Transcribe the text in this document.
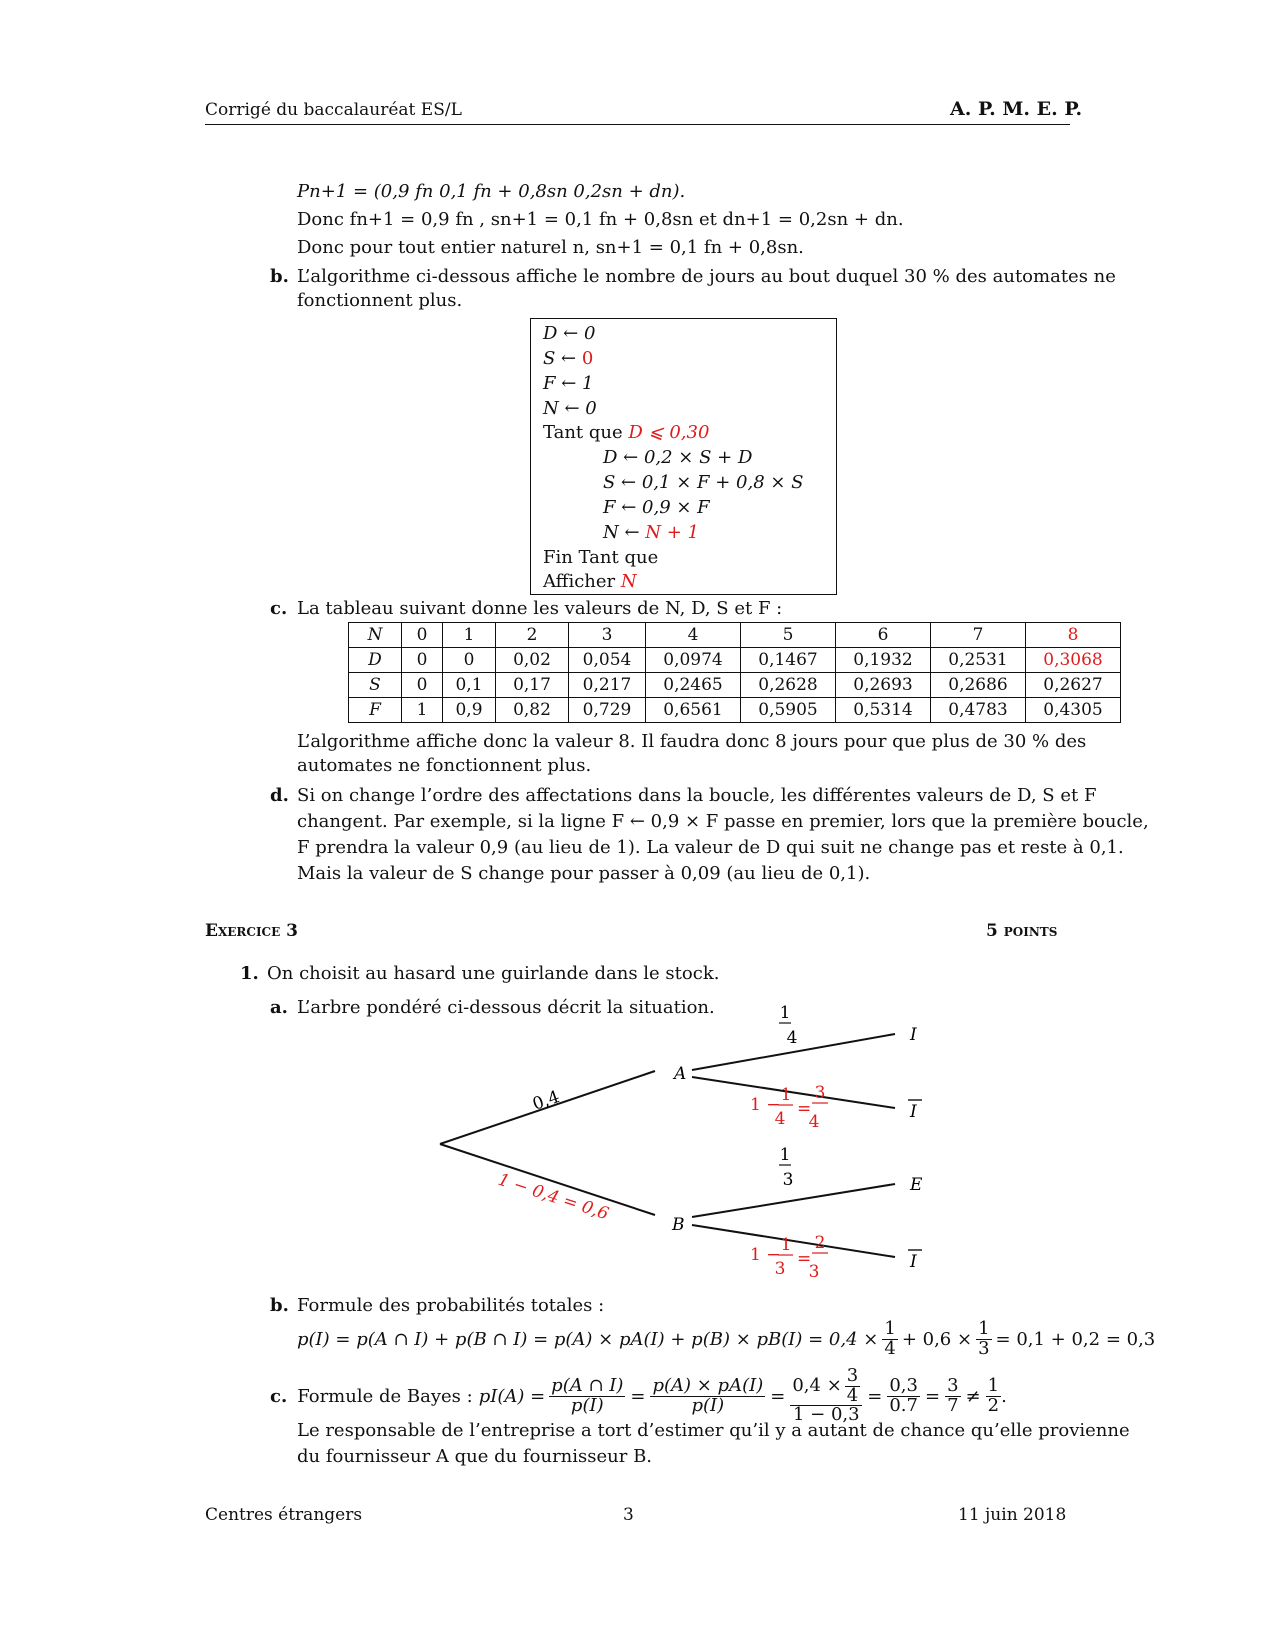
Corrigé du baccalauréat ES/L	A. P. M. E. P.
Pn+1 = (0,9 fn 0,1 fn + 0,8sn 0,2sn + dn).
Donc fn+1 = 0,9 fn , sn+1 = 0,1 fn + 0,8sn et dn+1 = 0,2sn + dn.
Donc pour tout entier naturel n, sn+1 = 0,1 fn + 0,8sn.
b. L’algorithme ci-dessous affiche le nombre de jours au bout duquel 30 % des automates ne
fonctionnent plus.
D ← 0
S ← 0
F ← 1
N ← 0
Tant que D ⩽ 0,30
D ← 0,2 × S + D
S ← 0,1 × F + 0,8 × S
F ← 0,9 × F
N ← N + 1
Fin Tant que
Afficher N
c. La tableau suivant donne les valeurs de N, D, S et F :
N	0	1	2	3	4	5	6	7	8
D	0	0	0,02	0,054	0,0974	0,1467	0,1932	0,2531	0,3068
S	0	0,1	0,17	0,217	0,2465	0,2628	0,2693	0,2686	0,2627
F	1	0,9	0,82	0,729	0,6561	0,5905	0,5314	0,4783	0,4305
L’algorithme affiche donc la valeur 8. Il faudra donc 8 jours pour que plus de 30 % des
automates ne fonctionnent plus.
d. Si on change l’ordre des affectations dans la boucle, les différentes valeurs de D, S et F
changent. Par exemple, si la ligne F ← 0,9 × F passe en premier, lors que la première boucle,
F prendra la valeur 0,9 (au lieu de 1). La valeur de D qui suit ne change pas et reste à 0,1.
Mais la valeur de S change pour passer à 0,09 (au lieu de 0,1).
Exercice 3	5 points
1. On choisit au hasard une guirlande dans le stock.
a. L’arbre pondéré ci-dessous décrit la situation.
A
B
I
I
E
I
0,4
1 − 0,4 = 0,6
1
4
1 − 1
4 =
3
4
1
3
1 − 1
3 =
2
3
b. Formule des probabilités totales :
p(I) = p(A ∩ I) + p(B ∩ $I) = p(A) \times pA(I) + p(B) \times pB(I) = 0,4 \times \frac{1}{4} + 0,6 \times \frac{1}{3} = 0,1 + 0,2 = 0,3$
c. Formule de Bayes : $pI(A) = \frac{p(A \cap I)}{p(I)} = \frac{p(A) \times pA(I)}{p(I)} = \frac{0,4 \times \frac{3}{4}}{1 - 0,3} = \frac{0,3}{0.7} = \frac{3}{7} \ne \frac{1}{2}$ .
Le responsable de l’entreprise a tort d’estimer qu’il y a autant de chance qu’elle provienne
du fournisseur A que du fournisseur B.
Centres étrangers	3	11 juin 2018
